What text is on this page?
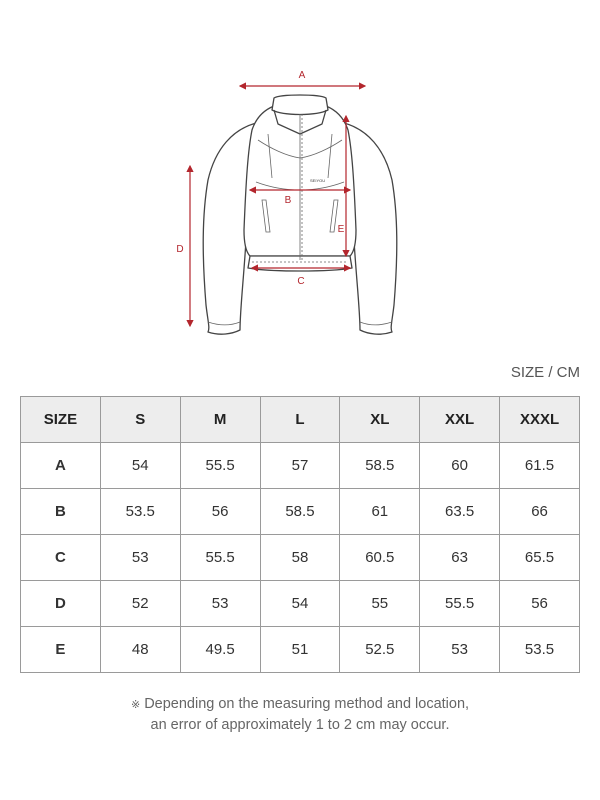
SEIYOU
A
B
C
D
E
SIZE / CM
SIZE	S	M	L	XL	XXL	XXXL
A	54	55.5	57	58.5	60	61.5
B	53.5	56	58.5	61	63.5	66
C	53	55.5	58	60.5	63	65.5
D	52	53	54	55	55.5	56
E	48	49.5	51	52.5	53	53.5
※ Depending on the measuring method and location,
an error of approximately 1 to 2 cm may occur.
